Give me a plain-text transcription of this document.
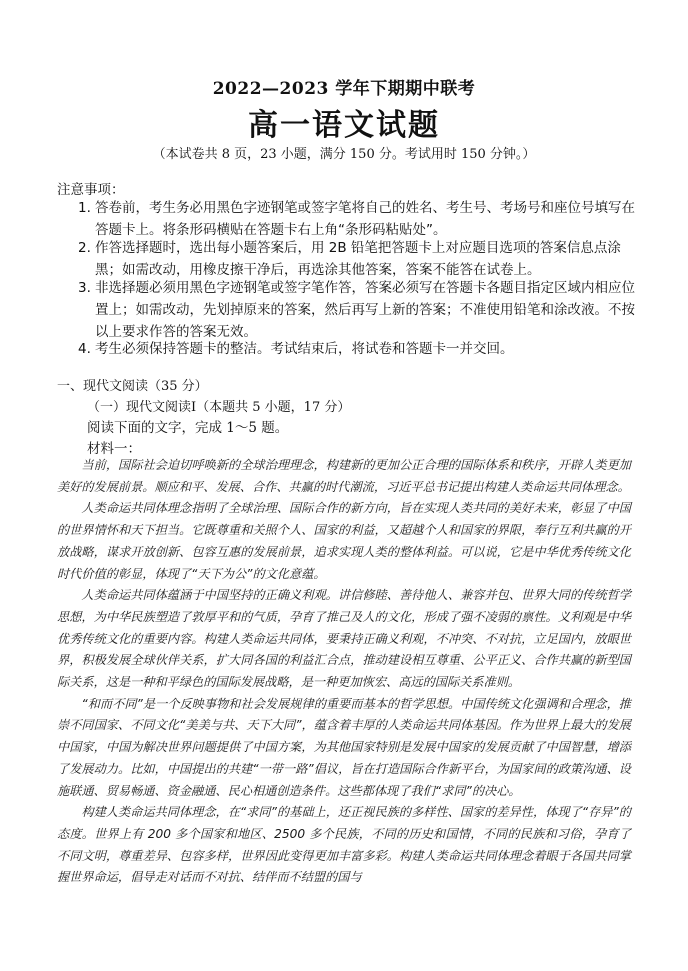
2022—2023 学年下期期中联考
高一语文试题
（本试卷共 8 页，23 小题，满分 150 分。考试用时 150 分钟。）
注意事项：
1. 答卷前，考生务必用黑色字迹钢笔或签字笔将自己的姓名、考生号、考场号和座位号填写在答题卡上。将条形码横贴在答题卡右上角“条形码粘贴处”。
2. 作答选择题时，选出每小题答案后，用 2B 铅笔把答题卡上对应题目选项的答案信息点涂黑；如需改动，用橡皮擦干净后，再选涂其他答案，答案不能答在试卷上。
3. 非选择题必须用黑色字迹钢笔或签字笔作答，答案必须写在答题卡各题目指定区域内相应位置上；如需改动，先划掉原来的答案，然后再写上新的答案；不准使用铅笔和涂改液。不按以上要求作答的答案无效。
4. 考生必须保持答题卡的整洁。考试结束后，将试卷和答题卡一并交回。
一、现代文阅读（35 分）
（一）现代文阅读Ⅰ（本题共 5 小题，17 分）
阅读下面的文字，完成 1～5 题。
材料一：

当前，国际社会迫切呼唤新的全球治理理念，构建新的更加公正合理的国际体系和秩序，开辟人类更加美好的发展前景。顺应和平、发展、合作、共赢的时代潮流，习近平总书记提出构建人类命运共同体理念。

人类命运共同体理念指明了全球治理、国际合作的新方向，旨在实现人类共同的美好未来，彰显了中国的世界情怀和天下担当。它既尊重和关照个人、国家的利益，又超越个人和国家的界限，奉行互利共赢的开放战略，谋求开放创新、包容互惠的发展前景，追求实现人类的整体利益。可以说，它是中华优秀传统文化时代价值的彰显，体现了“天下为公”的文化意蕴。

人类命运共同体蕴涵于中国坚持的正确义利观。讲信修睦、善待他人、兼容并包、世界大同的传统哲学思想，为中华民族塑造了敦厚平和的气质，孕育了推己及人的文化，形成了强不凌弱的禀性。义利观是中华优秀传统文化的重要内容。构建人类命运共同体，要秉持正确义利观，不冲突、不对抗，立足国内，放眼世界，积极发展全球伙伴关系，扩大同各国的利益汇合点，推动建设相互尊重、公平正义、合作共赢的新型国际关系，这是一种和平绿色的国际发展战略，是一种更加恢宏、高远的国际关系准则。

“和而不同”是一个反映事物和社会发展规律的重要而基本的哲学思想。中国传统文化强调和合理念，推崇不同国家、不同文化“美美与共、天下大同”，蕴含着丰厚的人类命运共同体基因。作为世界上最大的发展中国家，中国为解决世界问题提供了中国方案，为其他国家特别是发展中国家的发展贡献了中国智慧，增添了发展动力。比如，中国提出的共建“一带一路”倡议，旨在打造国际合作新平台，为国家间的政策沟通、设施联通、贸易畅通、资金融通、民心相通创造条件。这些都体现了我们“求同”的决心。

构建人类命运共同体理念，在“求同”的基础上，还正视民族的多样性、国家的差异性，体现了“存异”的态度。世界上有 200 多个国家和地区、2500 多个民族，不同的历史和国情，不同的民族和习俗，孕育了不同文明，尊重差异、包容多样，世界因此变得更加丰富多彩。构建人类命运共同体理念着眼于各国共同掌握世界命运，倡导走对话而不对抗、结伴而不结盟的国与
